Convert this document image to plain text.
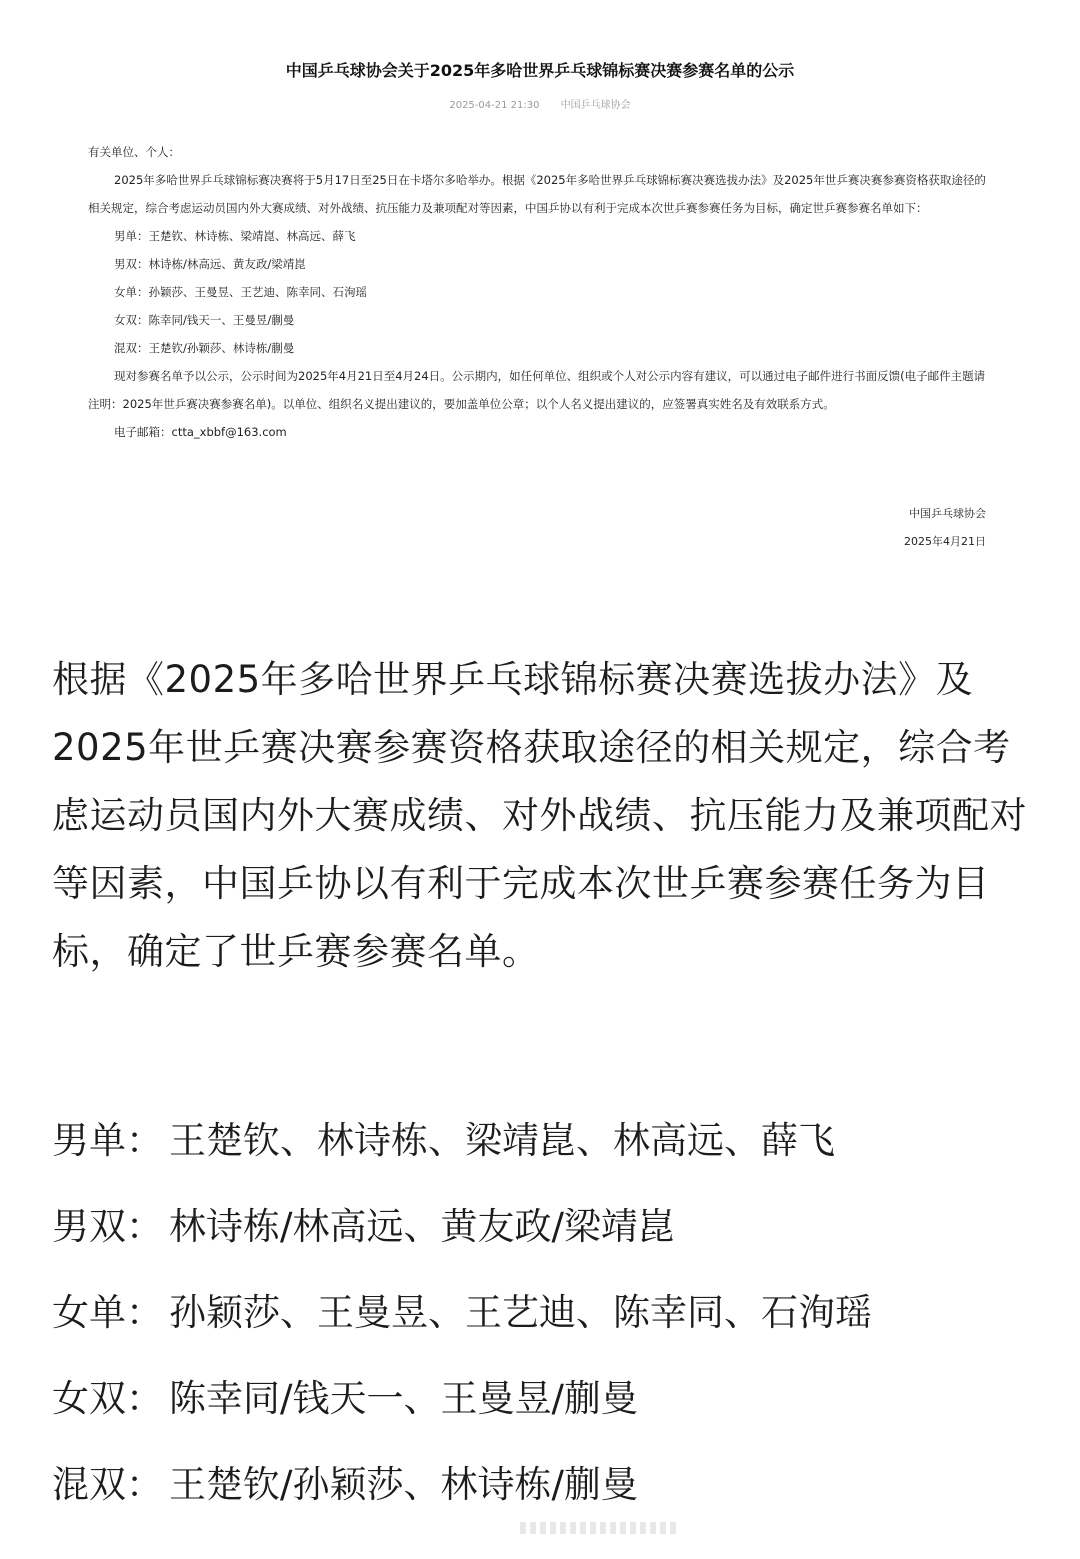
中国乒乓球协会关于2025年多哈世界乒乓球锦标赛决赛参赛名单的公示
2025-04-21 21:30 中国乒乓球协会

有关单位、个人：

2025年多哈世界乒乓球锦标赛决赛将于5月17日至25日在卡塔尔多哈举办。根据《2025年多哈世界乒乓球锦标赛决赛选拔办法》及2025年世乒赛决赛参赛资格获取途径的相关规定，综合考虑运动员国内外大赛成绩、对外战绩、抗压能力及兼项配对等因素，中国乒协以有利于完成本次世乒赛参赛任务为目标，确定世乒赛参赛名单如下：

男单：王楚钦、林诗栋、梁靖崑、林高远、薛飞

男双：林诗栋/林高远、黄友政/梁靖崑

女单：孙颖莎、王曼昱、王艺迪、陈幸同、石洵瑶

女双：陈幸同/钱天一、王曼昱/蒯曼

混双：王楚钦/孙颖莎、林诗栋/蒯曼

现对参赛名单予以公示，公示时间为2025年4月21日至4月24日。公示期内，如任何单位、组织或个人对公示内容有建议，可以通过电子邮件进行书面反馈(电子邮件主题请注明：2025年世乒赛决赛参赛名单)。以单位、组织名义提出建议的，要加盖单位公章；以个人名义提出建议的，应签署真实姓名及有效联系方式。

电子邮箱：ctta_xbbf@163.com

中国乒乓球协会
2025年4月21日

根据《2025年多哈世界乒乓球锦标赛决赛选拔办法》及2025年世乒赛决赛参赛资格获取途径的相关规定，综合考虑运动员国内外大赛成绩、对外战绩、抗压能力及兼项配对等因素，中国乒协以有利于完成本次世乒赛参赛任务为目标，确定了世乒赛参赛名单。

男单： 王楚钦、林诗栋、梁靖崑、林高远、薛飞
男双： 林诗栋/林高远、黄友政/梁靖崑
女单： 孙颖莎、王曼昱、王艺迪、陈幸同、石洵瑶
女双： 陈幸同/钱天一、王曼昱/蒯曼
混双： 王楚钦/孙颖莎、林诗栋/蒯曼
